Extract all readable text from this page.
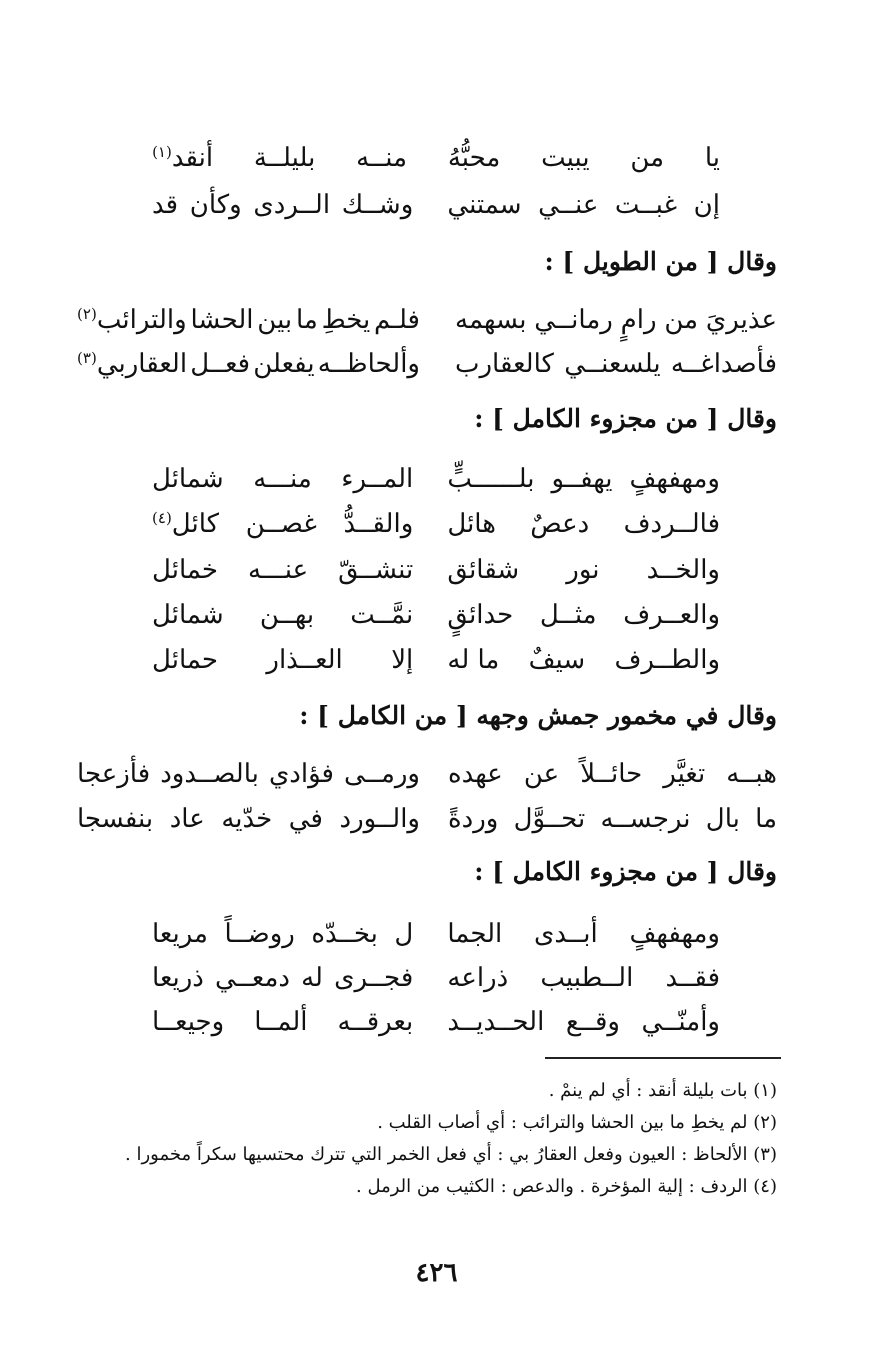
يا
من
يبيت
محبُّهُ
منــه
بليلــة
أنقد(١)
إن
غبــت
عنــي
سمتني
وشــك
الــردى
وكأن
قد
وقال [ من الطويل ] :
عذيريَ
من
رامٍ
رمانــي
بسهمه
فلـم
يخطِ
ما
بين
الحشا
والترائب(٢)
فأصداغــه
يلسعنــي
كالعقارب
وألحاظــه
يفعلن
فعــل
العقاربي(٣)
وقال [ من مجزوء الكامل ] :
ومهفهفٍ
يهفــو
بلــــــبٍّ
المــرء
منـــه
شمائل
فالــردف
دعصٌ
هائل
والقــدُّ
غصــن
كائل(٤)
والخــد
نور
شقائق
تنشــقّ
عنـــه
خمائل
والعــرف
مثــل
حدائقٍ
نمَّــت
بهــن
شمائل
والطــرف
سيفٌ
ما له
إلا
العــذار
حمائل
وقال في مخمور جمش وجهه [ من الكامل ] :
هبــه
تغيَّر
حائــلاً
عن
عهده
ورمــى
فؤادي
بالصــدود
فأزعجا
ما
بال
نرجســه
تحــوَّل
وردةً
والــورد
في
خدّيه
عاد
بنفسجا
وقال [ من مجزوء الكامل ] :
ومهفهفٍ
أبــدى
الجما
ل
بخــدّه
روضــاً
مريعا
فقــد
الــطبيب
ذراعه
فجــرى
له
دمعــي
ذريعا
وأمنّــي
وقــع
الحــديــد
بعرقــه
ألمــا
وجيعــا
(١) بات بليلة أنقد : أي لم ينمْ .
(٢) لم يخطِ ما بين الحشا والترائب : أي أصاب القلب .
(٣) الألحاظ : العيون وفعل العقارُ بي : أي فعل الخمر التي تترك محتسيها سكراً مخمورا .
(٤) الردف : إلية المؤخرة . والدعص : الكثيب من الرمل .
٤٢٦
